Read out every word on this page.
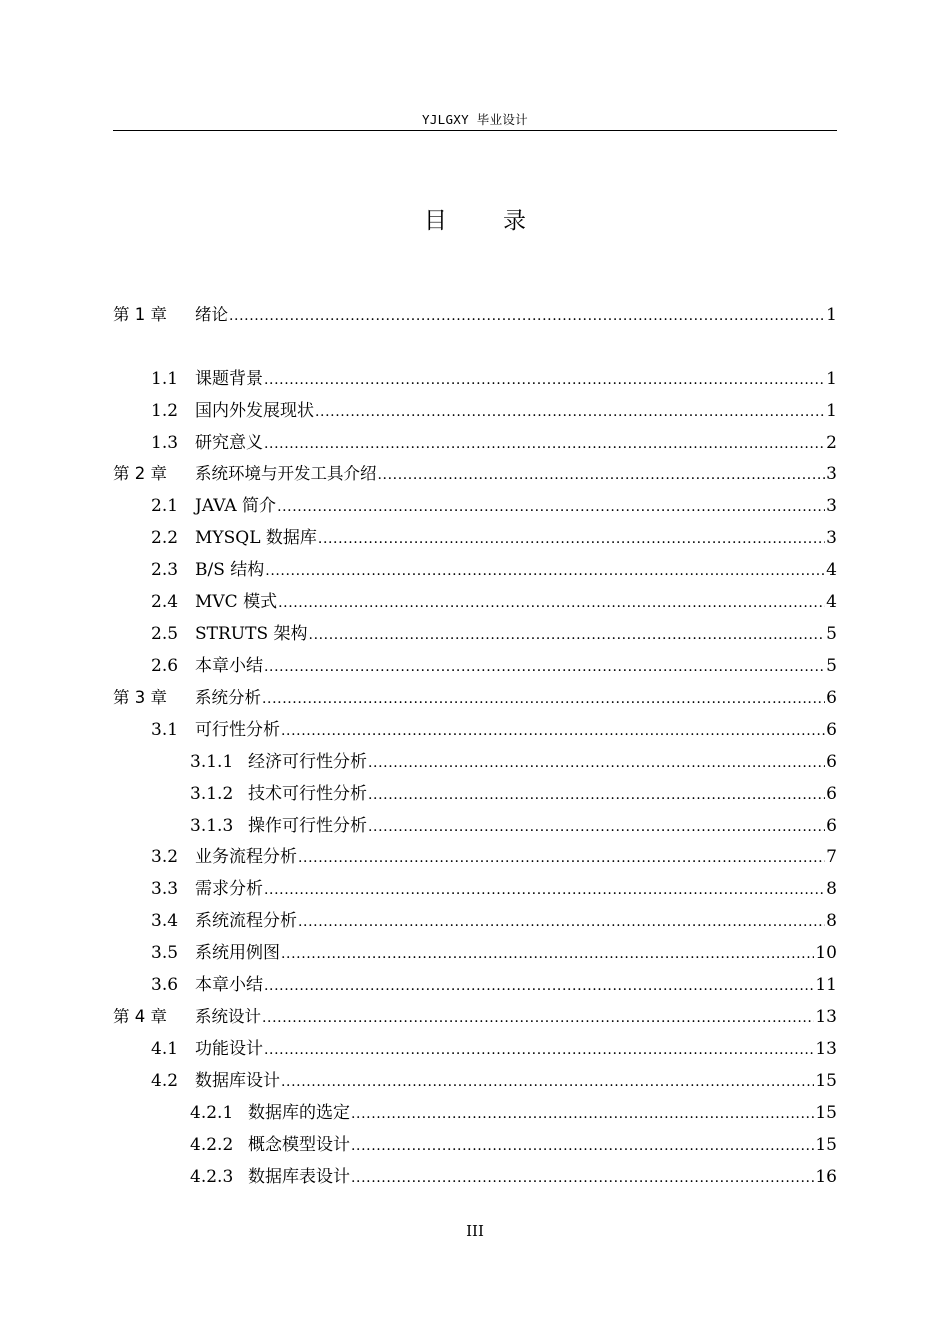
YJLGXY 毕业设计
目 录
第 1 章	绪论 .....	1
1.1 课题背景 .....	1
1.2 国内外发展现状 .....	1
1.3 研究意义 .....	2
第 2 章	系统环境与开发工具介绍 .....	3
2.1 JAVA 简介 .....	3
2.2 MYSQL 数据库 .....	3
2.3 B/S 结构 .....	4
2.4 MVC 模式 .....	4
2.5 STRUTS 架构 .....	5
2.6 本章小结 .....	5
第 3 章	系统分析 .....	6
3.1 可行性分析 .....	6
3.1.1 经济可行性分析 .....	6
3.1.2 技术可行性分析 .....	6
3.1.3 操作可行性分析 .....	6
3.2 业务流程分析 .....	7
3.3 需求分析 .....	8
3.4 系统流程分析 .....	8
3.5 系统用例图 .....	10
3.6 本章小结 .....	11
第 4 章	系统设计 .....	13
4.1 功能设计 .....	13
4.2 数据库设计 .....	15
4.2.1 数据库的选定 .....	15
4.2.2 概念模型设计 .....	15
4.2.3 数据库表设计 .....	16
III
